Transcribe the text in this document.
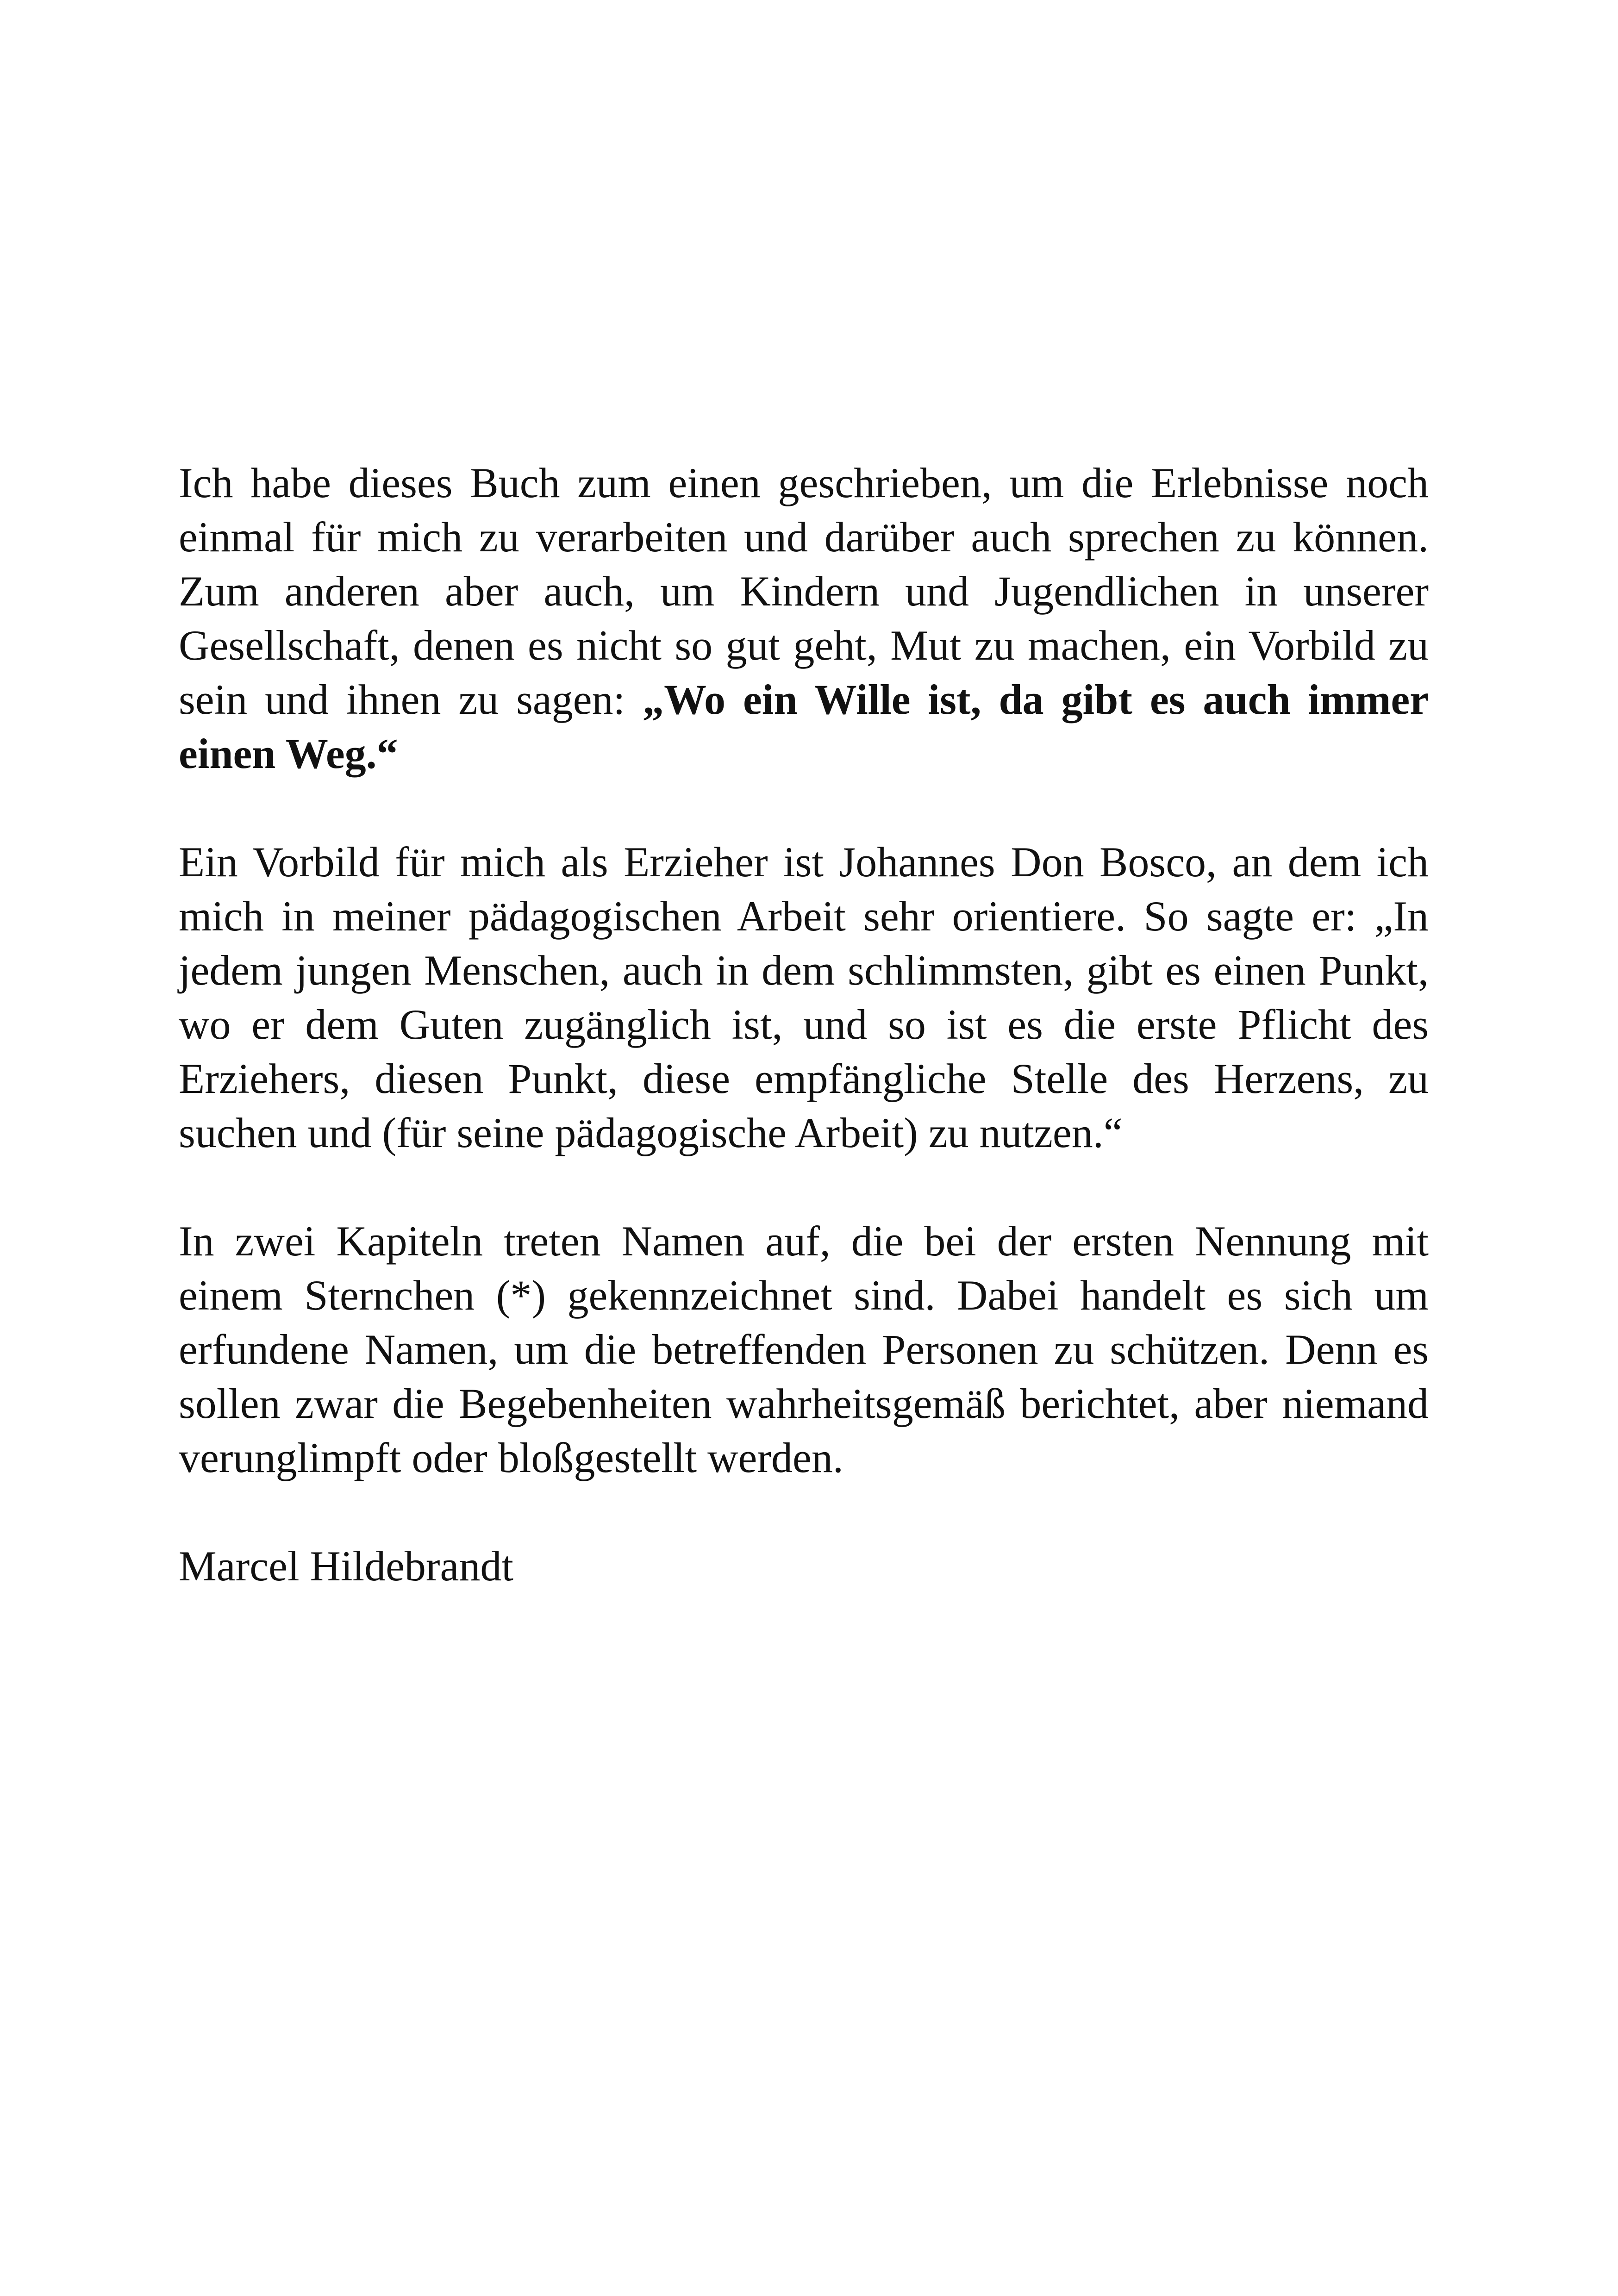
Ich habe dieses Buch zum einen geschrieben, um die Erlebnisse noch einmal für mich zu verarbeiten und darüber auch sprechen zu können. Zum anderen aber auch, um Kindern und Jugendlichen in unserer Gesellschaft, denen es nicht so gut geht, Mut zu machen, ein Vorbild zu sein und ihnen zu sagen: „Wo ein Wille ist, da gibt es auch immer einen Weg.“

Ein Vorbild für mich als Erzieher ist Johannes Don Bosco, an dem ich mich in meiner pädagogischen Arbeit sehr orientiere. So sagte er: „In jedem jungen Menschen, auch in dem schlimmsten, gibt es einen Punkt, wo er dem Guten zugänglich ist, und so ist es die erste Pflicht des Erziehers, diesen Punkt, diese empfängliche Stelle des Herzens, zu suchen und (für seine pädagogische Arbeit) zu nutzen.“

In zwei Kapiteln treten Namen auf, die bei der ersten Nennung mit einem Sternchen (*) gekennzeichnet sind. Dabei handelt es sich um erfundene Namen, um die betreffenden Personen zu schützen. Denn es sollen zwar die Begebenheiten wahrheitsgemäß berichtet, aber niemand verunglimpft oder bloßgestellt werden.

Marcel Hildebrandt
